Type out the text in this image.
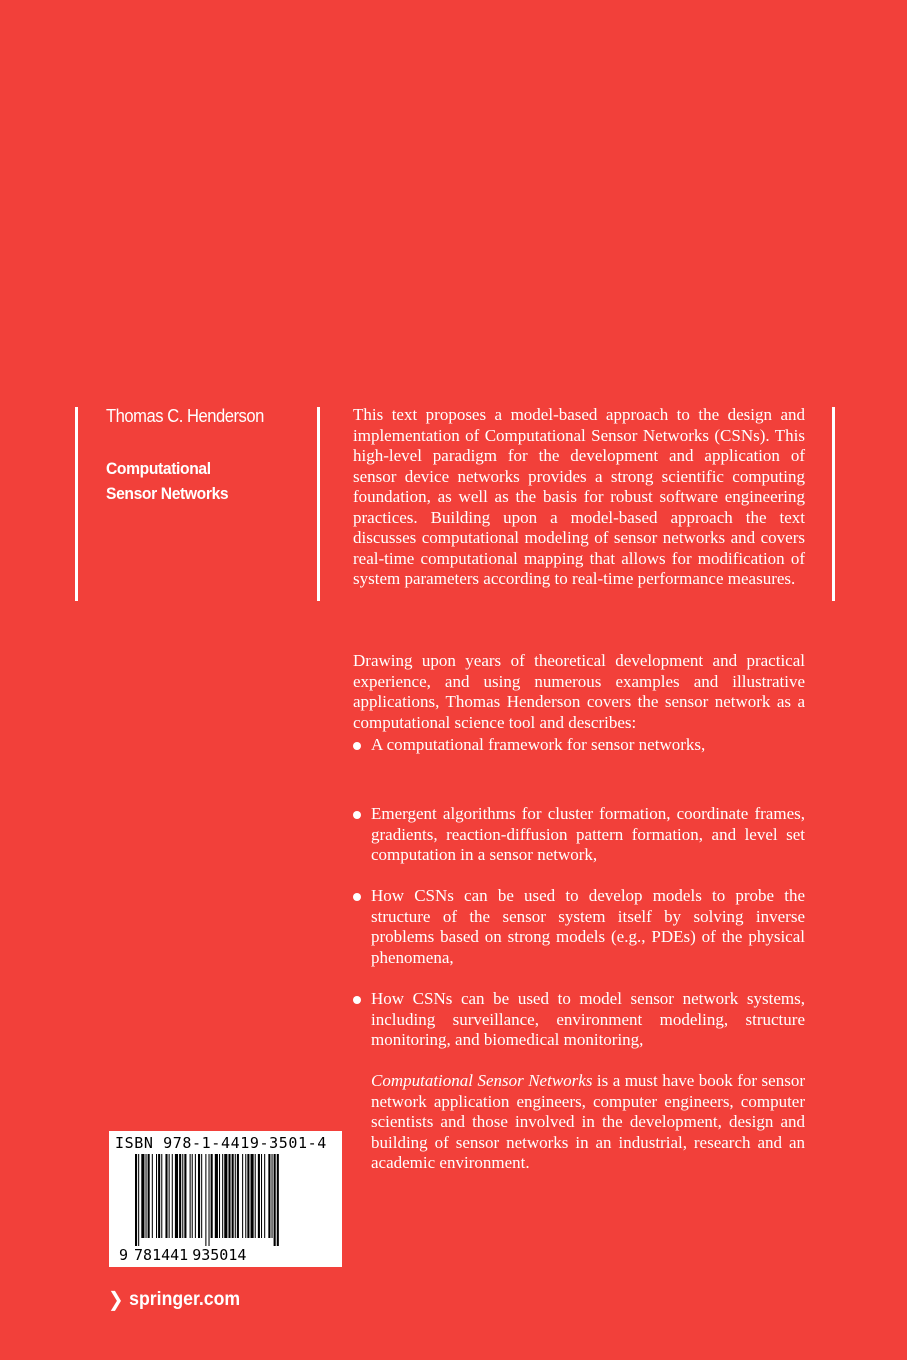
Thomas C. Henderson
Computational
Sensor Networks

This text proposes a model-based approach to the design and implementation of Computational Sensor Networks (CSNs). This high-level paradigm for the development and application of sensor device networks provides a strong scientific computing foundation, as well as the basis for robust software engineering practices. Building upon a model-based approach the text discusses computational modeling of sensor networks and covers real-time computational mapping that allows for modification of system parameters according to real-time performance measures.

Drawing upon years of theoretical development and practical experience, and using numerous examples and illustrative applications, Thomas Henderson covers the sensor network as a computational science tool and describes:

A computational framework for sensor networks,

Emergent algorithms for cluster formation, coordinate frames, gradients, reaction-diffusion pattern formation, and level set computation in a sensor network,

How CSNs can be used to develop models to probe the structure of the sensor system itself by solving inverse problems based on strong models (e.g., PDEs) of the physical phenomena,

How CSNs can be used to model sensor network systems, including surveillance, environment modeling, structure monitoring, and biomedical monitoring,

Computational Sensor Networks is a must have book for sensor network application engineers, computer engineers, computer scientists and those involved in the development, design and building of sensor networks in an industrial, research and an academic environment.

ISBN 978-1-4419-3501-4
9 781441 935014
❯ springer.com
